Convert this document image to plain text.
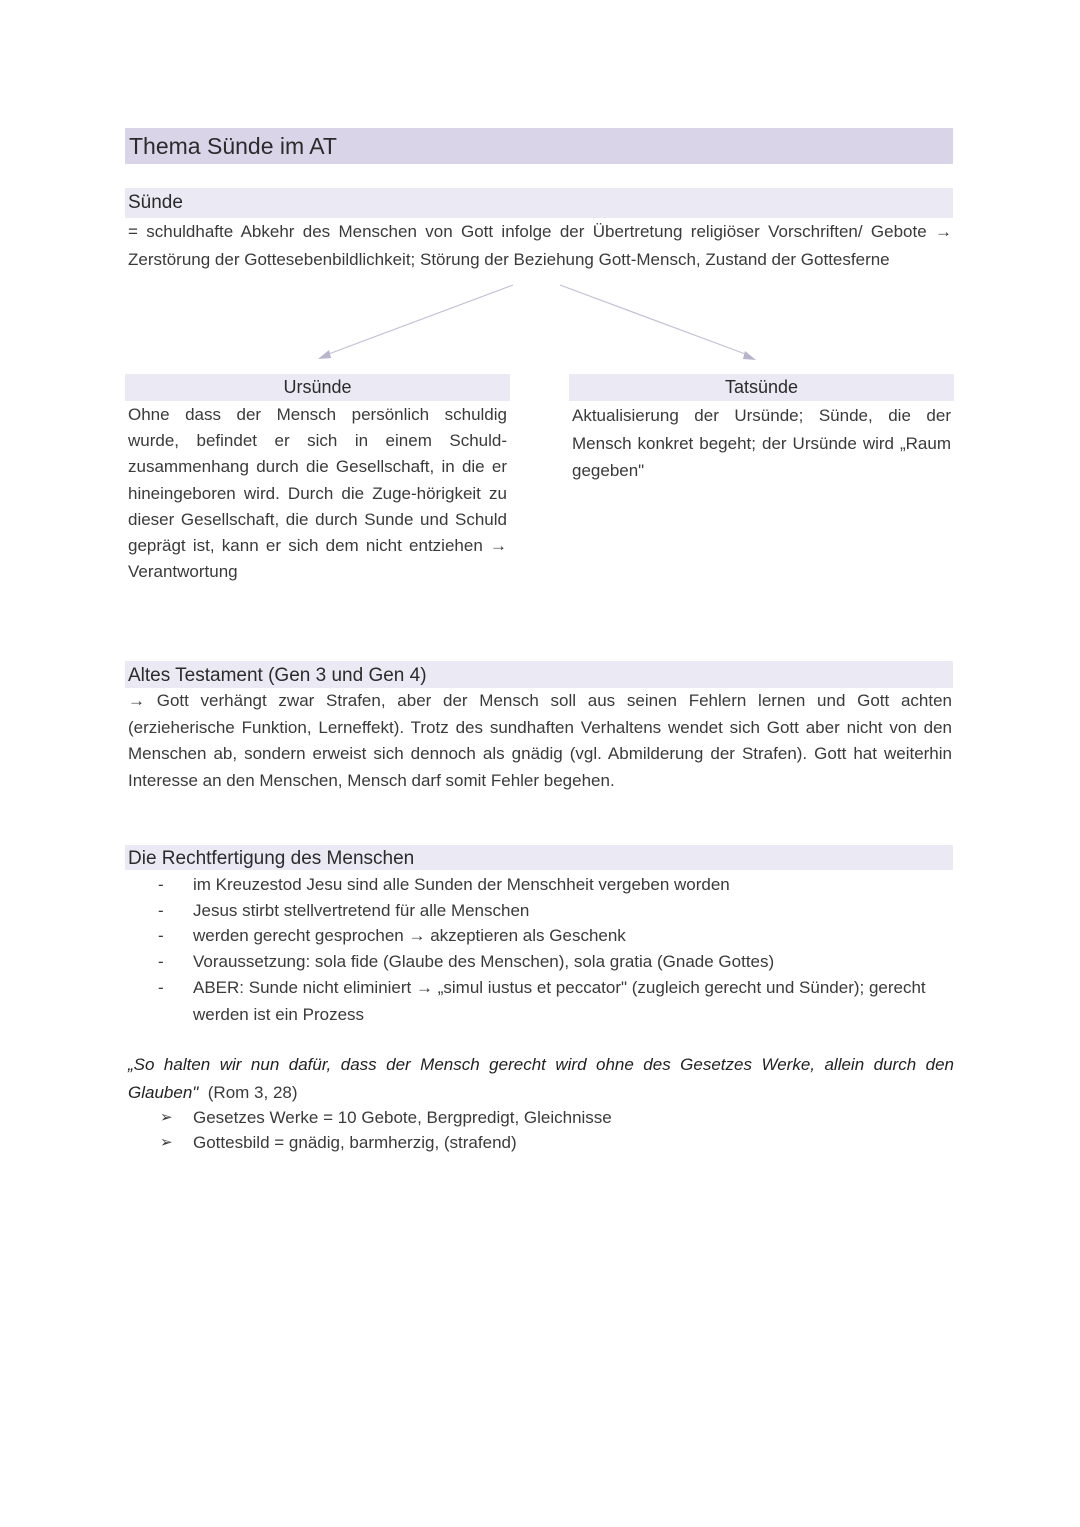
Thema Sünde im AT
Sünde
= schuldhafte Abkehr des Menschen von Gott infolge der Übertretung religiöser Vorschriften/ Gebote → Zerstörung der Gottesebenbildlichkeit; Störung der Beziehung Gott-Mensch, Zustand der Gottesferne
Ursünde
Ohne dass der Mensch persönlich schuldig wurde, befindet er sich in einem Schuld-zusammenhang durch die Gesellschaft, in die er hineingeboren wird. Durch die Zuge-hörigkeit zu dieser Gesellschaft, die durch Sunde und Schuld geprägt ist, kann er sich dem nicht entziehen → Verantwortung
Tatsünde
Aktualisierung der Ursünde; Sünde, die der Mensch konkret begeht; der Ursünde wird „Raum gegeben"
Altes Testament (Gen 3 und Gen 4)
→ Gott verhängt zwar Strafen, aber der Mensch soll aus seinen Fehlern lernen und Gott achten (erzieherische Funktion, Lerneffekt). Trotz des sundhaften Verhaltens wendet sich Gott aber nicht von den Menschen ab, sondern erweist sich dennoch als gnädig (vgl. Abmilderung der Strafen). Gott hat weiterhin Interesse an den Menschen, Mensch darf somit Fehler begehen.
Die Rechtfertigung des Menschen
- im Kreuzestod Jesu sind alle Sunden der Menschheit vergeben worden
- Jesus stirbt stellvertretend für alle Menschen
- werden gerecht gesprochen → akzeptieren als Geschenk
- Voraussetzung: sola fide (Glaube des Menschen), sola gratia (Gnade Gottes)
- ABER: Sunde nicht eliminiert → „simul iustus et peccator" (zugleich gerecht und Sünder); gerecht werden ist ein Prozess
„So halten wir nun dafür, dass der Mensch gerecht wird ohne des Gesetzes Werke, allein durch den Glauben" (Rom 3, 28)
➢ Gesetzes Werke = 10 Gebote, Bergpredigt, Gleichnisse
➢ Gottesbild = gnädig, barmherzig, (strafend)
